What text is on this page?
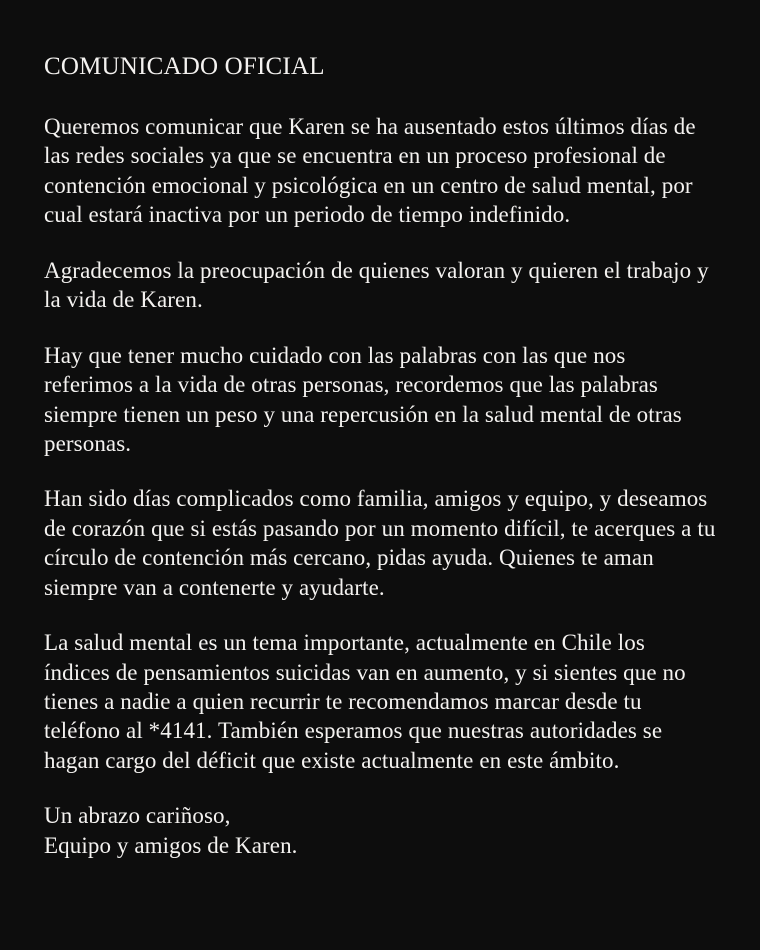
COMUNICADO OFICIAL

Queremos comunicar que Karen se ha ausentado estos últimos días de las redes sociales ya que se encuentra en un proceso profesional de contención emocional y psicológica en un centro de salud mental, por cual estará inactiva por un periodo de tiempo indefinido.

Agradecemos la preocupación de quienes valoran y quieren el trabajo y la vida de Karen.

Hay que tener mucho cuidado con las palabras con las que nos referimos a la vida de otras personas, recordemos que las palabras siempre tienen un peso y una repercusión en la salud mental de otras personas.

Han sido días complicados como familia, amigos y equipo, y deseamos de corazón que si estás pasando por un momento difícil, te acerques a tu círculo de contención más cercano, pidas ayuda. Quienes te aman siempre van a contenerte y ayudarte.

La salud mental es un tema importante, actualmente en Chile los índices de pensamientos suicidas van en aumento, y si sientes que no tienes a nadie a quien recurrir te recomendamos marcar desde tu teléfono al *4141. También esperamos que nuestras autoridades se hagan cargo del déficit que existe actualmente en este ámbito.

Un abrazo cariñoso,
Equipo y amigos de Karen.
